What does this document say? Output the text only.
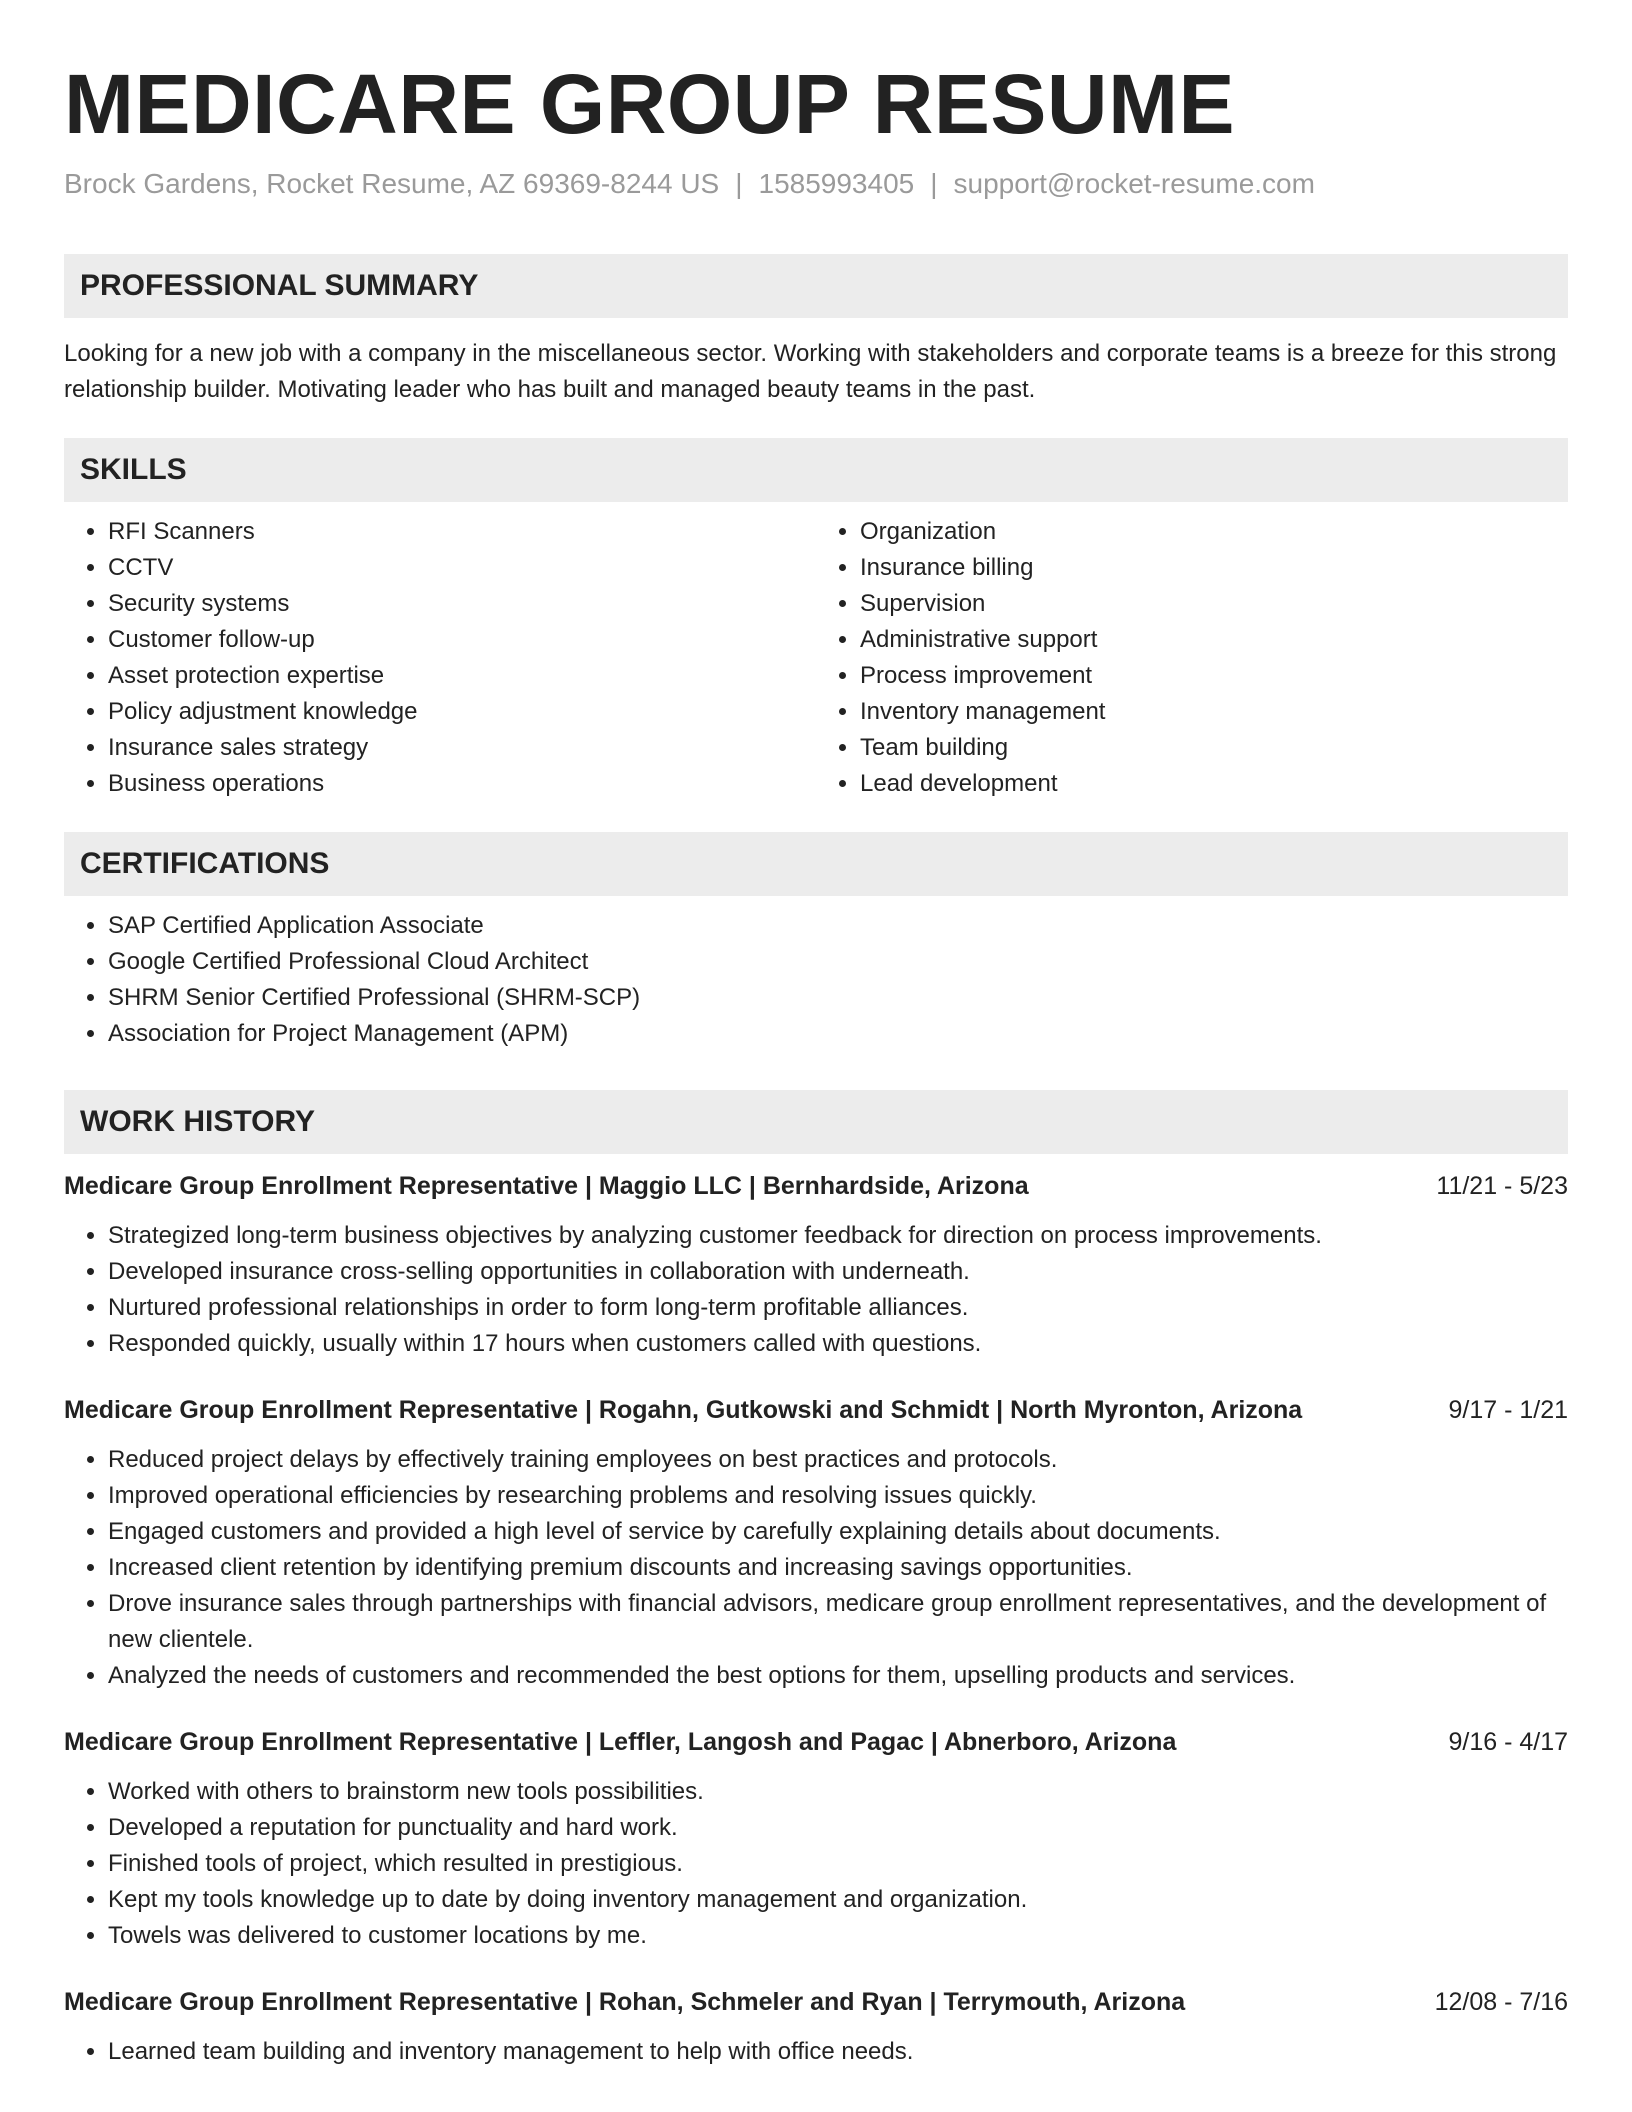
MEDICARE GROUP RESUME
Brock Gardens, Rocket Resume, AZ 69369-8244 US | 1585993405 | support@rocket-resume.com
PROFESSIONAL SUMMARY
Looking for a new job with a company in the miscellaneous sector. Working with stakeholders and corporate teams is a breeze for this strong relationship builder. Motivating leader who has built and managed beauty teams in the past.
SKILLS
• RFI Scanners
• CCTV
• Security systems
• Customer follow-up
• Asset protection expertise
• Policy adjustment knowledge
• Insurance sales strategy
• Business operations
• Organization
• Insurance billing
• Supervision
• Administrative support
• Process improvement
• Inventory management
• Team building
• Lead development
CERTIFICATIONS
• SAP Certified Application Associate
• Google Certified Professional Cloud Architect
• SHRM Senior Certified Professional (SHRM-SCP)
• Association for Project Management (APM)
WORK HISTORY
Medicare Group Enrollment Representative | Maggio LLC | Bernhardside, Arizona	11/21 - 5/23
• Strategized long-term business objectives by analyzing customer feedback for direction on process improvements.
• Developed insurance cross-selling opportunities in collaboration with underneath.
• Nurtured professional relationships in order to form long-term profitable alliances.
• Responded quickly, usually within 17 hours when customers called with questions.
Medicare Group Enrollment Representative | Rogahn, Gutkowski and Schmidt | North Myronton, Arizona	9/17 - 1/21
• Reduced project delays by effectively training employees on best practices and protocols.
• Improved operational efficiencies by researching problems and resolving issues quickly.
• Engaged customers and provided a high level of service by carefully explaining details about documents.
• Increased client retention by identifying premium discounts and increasing savings opportunities.
• Drove insurance sales through partnerships with financial advisors, medicare group enrollment representatives, and the development of new clientele.
• Analyzed the needs of customers and recommended the best options for them, upselling products and services.
Medicare Group Enrollment Representative | Leffler, Langosh and Pagac | Abnerboro, Arizona	9/16 - 4/17
• Worked with others to brainstorm new tools possibilities.
• Developed a reputation for punctuality and hard work.
• Finished tools of project, which resulted in prestigious.
• Kept my tools knowledge up to date by doing inventory management and organization.
• Towels was delivered to customer locations by me.
Medicare Group Enrollment Representative | Rohan, Schmeler and Ryan | Terrymouth, Arizona	12/08 - 7/16
• Learned team building and inventory management to help with office needs.
